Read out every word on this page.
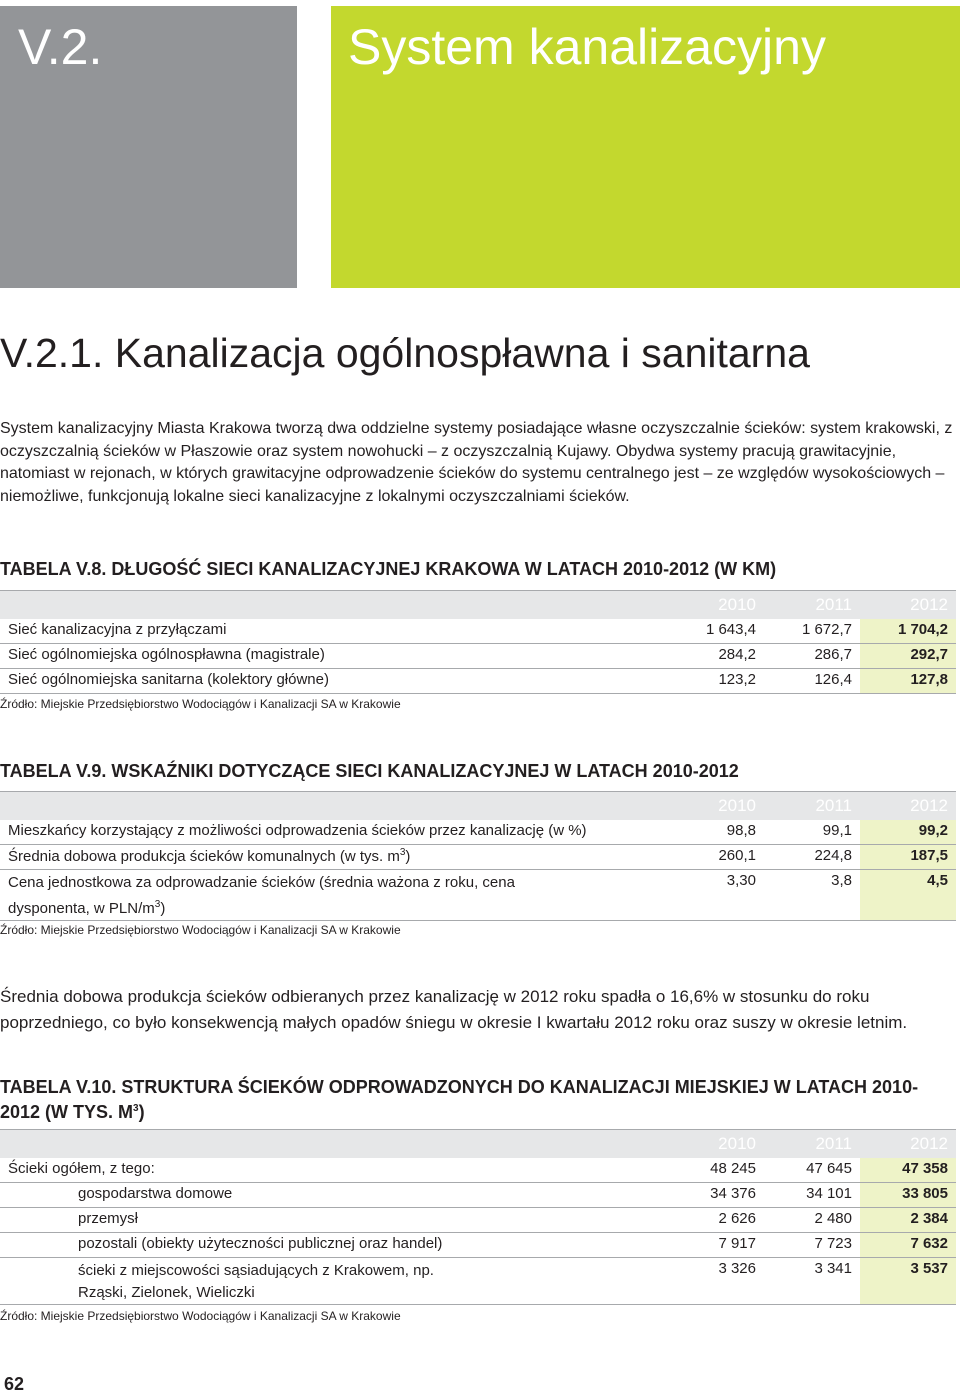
V.2.	System kanalizacyjny
V.2.1. Kanalizacja ogólnospławna i sanitarna

System kanalizacyjny Miasta Krakowa tworzą dwa oddzielne systemy posiadające własne oczyszczalnie ścieków: system krakowski, z oczyszczalnią ścieków w Płaszowie oraz system nowohucki – z oczyszczalnią Kujawy. Obydwa systemy pracują grawitacyjnie, natomiast w rejonach, w których grawitacyjne odprowadzenie ścieków do systemu centralnego jest – ze względów wysokościowych – niemożliwe, funkcjonują lokalne sieci kanalizacyjne z lokalnymi oczyszczalniami ścieków.

TABELA V.8. DŁUGOŚĆ SIECI KANALIZACYJNEJ KRAKOWA W LATACH 2010-2012 (W KM)
	2010	2011	2012
Sieć kanalizacyjna z przyłączami	1 643,4	1 672,7	1 704,2
Sieć ogólnomiejska ogólnospławna (magistrale)	284,2	286,7	292,7
Sieć ogólnomiejska sanitarna (kolektory główne)	123,2	126,4	127,8
Źródło: Miejskie Przedsiębiorstwo Wodociągów i Kanalizacji SA w Krakowie
TABELA V.9. WSKAŹNIKI DOTYCZĄCE SIECI KANALIZACYJNEJ W LATACH 2010-2012
	2010	2011	2012
Mieszkańcy korzystający z możliwości odprowadzenia ścieków przez kanalizację (w %)	98,8	99,1	99,2
Średnia dobowa produkcja ścieków komunalnych (w tys. $m^3$)	260,1	224,8	187,5
Cena jednostkowa za odprowadzanie ścieków (średnia ważona z roku, cena dysponenta, w PLN/$m^3$)	3,30	3,8	4,5
Źródło: Miejskie Przedsiębiorstwo Wodociągów i Kanalizacji SA w Krakowie

Średnia dobowa produkcja ścieków odbieranych przez kanalizację w 2012 roku spadła o 16,6% w stosunku do roku poprzedniego, co było konsekwencją małych opadów śniegu w okresie I kwartału 2012 roku oraz suszy w okresie letnim.

TABELA V.10. STRUKTURA ŚCIEKÓW ODPROWADZONYCH DO KANALIZACJI MIEJSKIEJ W LATACH 2010-2012 (W TYS. $M^3$)
	2010	2011	2012
Ścieki ogółem, z tego:	48 245	47 645	47 358
gospodarstwa domowe	34 376	34 101	33 805
przemysł	2 626	2 480	2 384
pozostali (obiekty użyteczności publicznej oraz handel)	7 917	7 723	7 632
ścieki z miejscowości sąsiadujących z Krakowem, np. Rząski, Zielonek, Wieliczki	3 326	3 341	3 537
Źródło: Miejskie Przedsiębiorstwo Wodociągów i Kanalizacji SA w Krakowie
62
